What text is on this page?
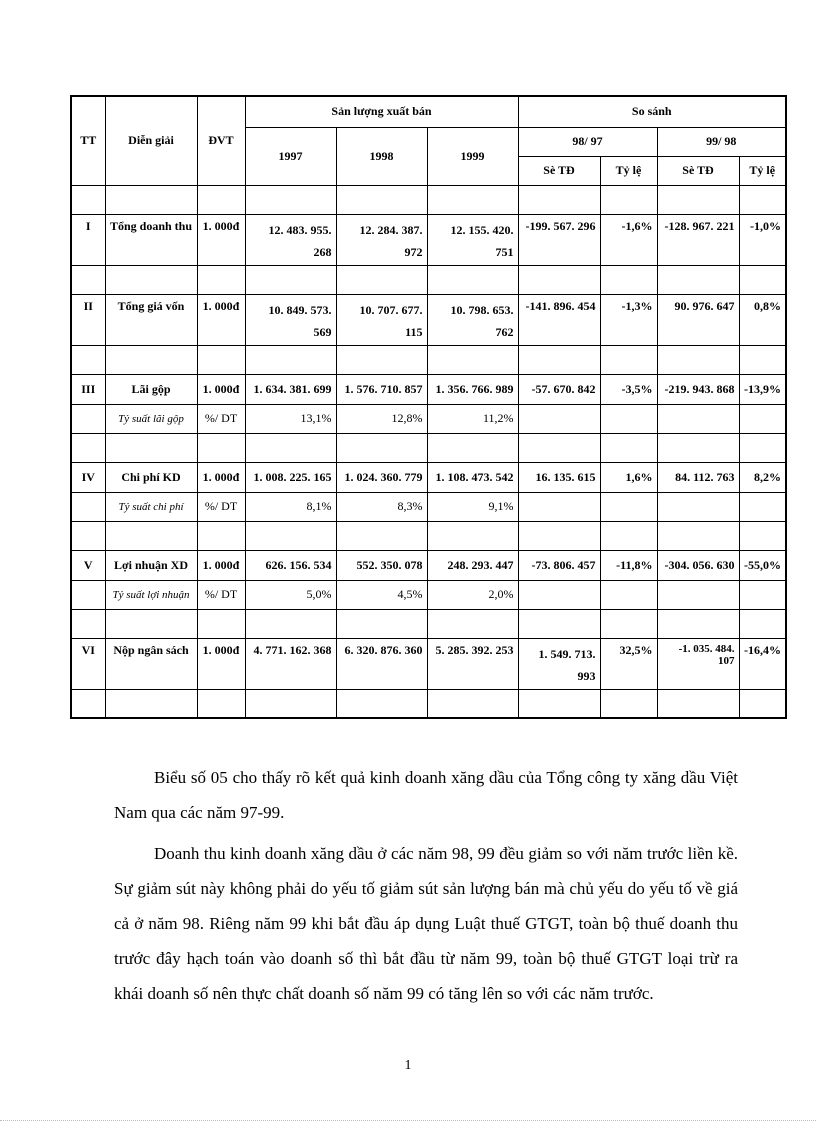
TT	Diễn giải	ĐVT	Sản lượng xuất bán			So sánh			
			1997	1998	1999	98/ 97		99/ 98	
						Sè TĐ	Tỷ lệ	Sè TĐ	Tỷ lệ

I	Tổng doanh thu	1. 000đ	12. 483. 955. 268	12. 284. 387. 972	12. 155. 420. 751	-199. 567. 296	-1,6%	-128. 967. 221	-1,0%

II	Tổng giá vốn	1. 000đ	10. 849. 573. 569	10. 707. 677. 115	10. 798. 653. 762	-141. 896. 454	-1,3%	90. 976. 647	0,8%

III	Lãi gộp	1. 000đ	1. 634. 381. 699	1. 576. 710. 857	1. 356. 766. 989	-57. 670. 842	-3,5%	-219. 943. 868	-13,9%
	Tỷ suất lãi gộp	%/ DT	13,1%	12,8%	11,2%				

IV	Chi phí KD	1. 000đ	1. 008. 225. 165	1. 024. 360. 779	1. 108. 473. 542	16. 135. 615	1,6%	84. 112. 763	8,2%
	Tỷ suất chi phí	%/ DT	8,1%	8,3%	9,1%				

V	Lợi nhuận XD	1. 000đ	626. 156. 534	552. 350. 078	248. 293. 447	-73. 806. 457	-11,8%	-304. 056. 630	-55,0%
	Tỷ suất lợi nhuận	%/ DT	5,0%	4,5%	2,0%				

VI	Nộp ngân sách	1. 000đ	4. 771. 162. 368	6. 320. 876. 360	5. 285. 392. 253	1. 549. 713. 993	32,5%	-1. 035. 484. 107	-16,4%

Biểu số 05 cho thấy rõ kết quả kinh doanh xăng dầu của Tổng công ty xăng dầu Việt Nam qua các năm 97-99.

Doanh thu kinh doanh xăng dầu ở các năm 98, 99 đều giảm so với năm trước liền kề. Sự giảm sút này không phải do yếu tố giảm sút sản lượng bán mà chủ yếu do yếu tố về giá cả ở năm 98. Riêng năm 99 khi bắt đầu áp dụng Luật thuế GTGT, toàn bộ thuế doanh thu trước đây hạch toán vào doanh số thì bắt đầu từ năm 99, toàn bộ thuế GTGT loại trừ ra khái doanh số nên thực chất doanh số năm 99 có tăng lên so với các năm trước.

1
